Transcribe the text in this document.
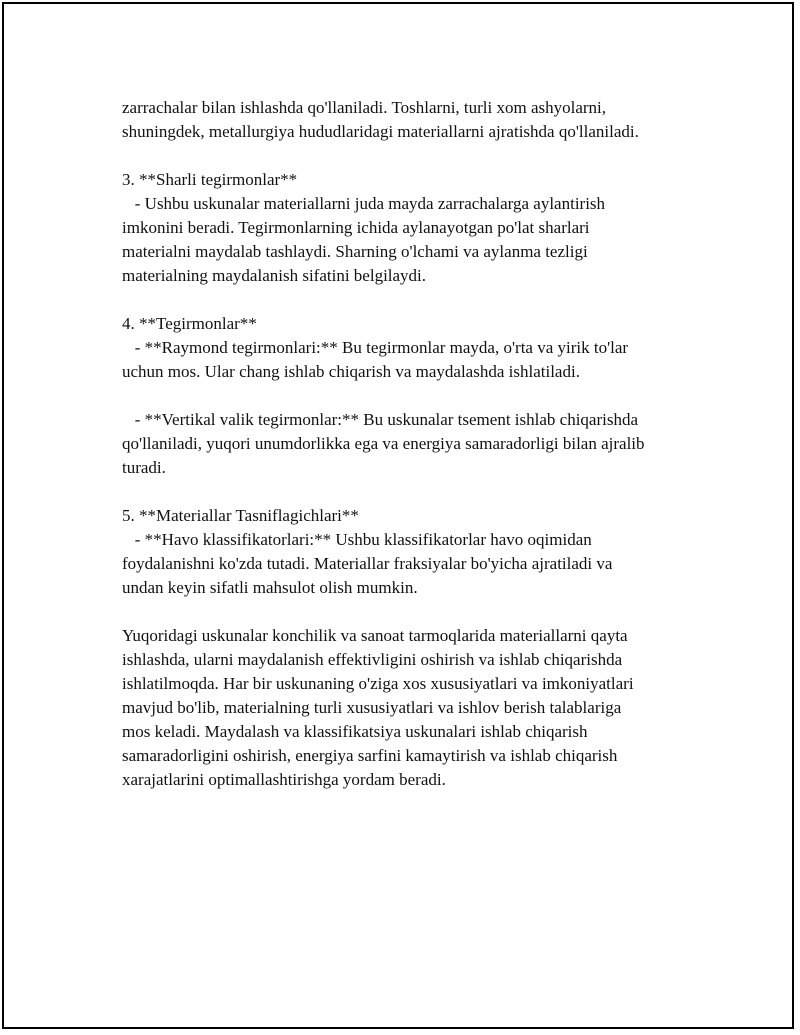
zarrachalar bilan ishlashda qo'llaniladi. Toshlarni, turli xom ashyolarni,
shuningdek, metallurgiya hududlaridagi materiallarni ajratishda qo'llaniladi.
3. **Sharli tegirmonlar**
- Ushbu uskunalar materiallarni juda mayda zarrachalarga aylantirish
imkonini beradi. Tegirmonlarning ichida aylanayotgan po'lat sharlari
materialni maydalab tashlaydi. Sharning o'lchami va aylanma tezligi
materialning maydalanish sifatini belgilaydi.
4. **Tegirmonlar**
- **Raymond tegirmonlari:** Bu tegirmonlar mayda, o'rta va yirik to'lar
uchun mos. Ular chang ishlab chiqarish va maydalashda ishlatiladi.
- **Vertikal valik tegirmonlar:** Bu uskunalar tsement ishlab chiqarishda
qo'llaniladi, yuqori unumdorlikka ega va energiya samaradorligi bilan ajralib
turadi.
5. **Materiallar Tasniflagichlari**
- **Havo klassifikatorlari:** Ushbu klassifikatorlar havo oqimidan
foydalanishni ko'zda tutadi. Materiallar fraksiyalar bo'yicha ajratiladi va
undan keyin sifatli mahsulot olish mumkin.
Yuqoridagi uskunalar konchilik va sanoat tarmoqlarida materiallarni qayta
ishlashda, ularni maydalanish effektivligini oshirish va ishlab chiqarishda
ishlatilmoqda. Har bir uskunaning o'ziga xos xususiyatlari va imkoniyatlari
mavjud bo'lib, materialning turli xususiyatlari va ishlov berish talablariga
mos keladi. Maydalash va klassifikatsiya uskunalari ishlab chiqarish
samaradorligini oshirish, energiya sarfini kamaytirish va ishlab chiqarish
xarajatlarini optimallashtirishga yordam beradi.
